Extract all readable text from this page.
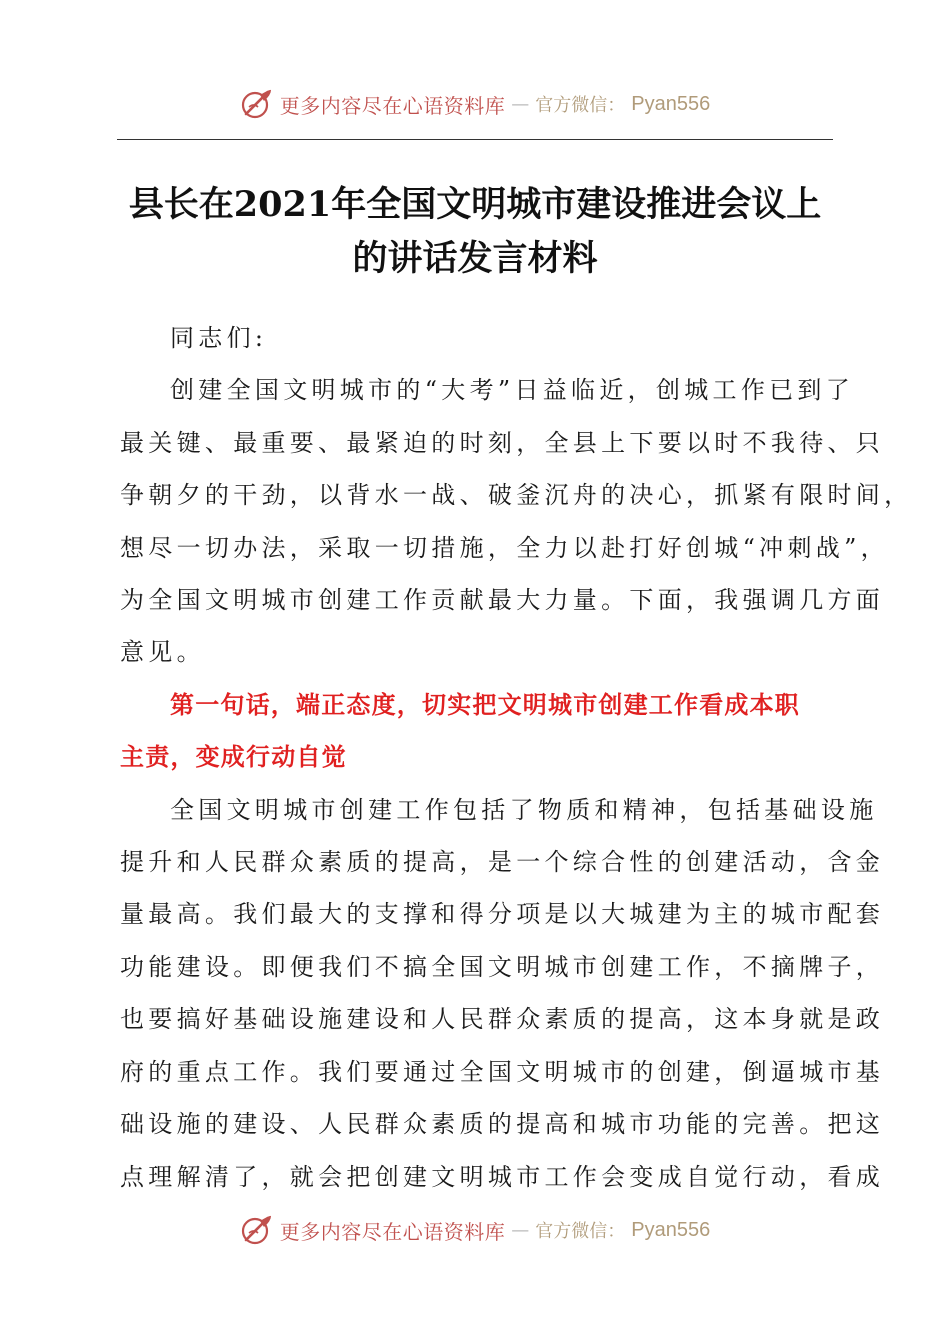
更多内容尽在心语资料库 — 官方微信： Pyan556
县长在2021年全国文明城市建设推进会议上
的讲话发言材料

同志们:

创建全国文明城市的“大考”日益临近，创城工作已到了
最关键、最重要、最紧迫的时刻，全县上下要以时不我待、只
争朝夕的干劲，以背水一战、破釜沉舟的决心，抓紧有限时间，
想尽一切办法，采取一切措施，全力以赴打好创城“冲刺战”，
为全国文明城市创建工作贡献最大力量。下面，我强调几方面
意见。

第一句话，端正态度，切实把文明城市创建工作看成本职
主责，变成行动自觉

全国文明城市创建工作包括了物质和精神，包括基础设施
提升和人民群众素质的提高，是一个综合性的创建活动，含金
量最高。我们最大的支撑和得分项是以大城建为主的城市配套
功能建设。即便我们不搞全国文明城市创建工作，不摘牌子，
也要搞好基础设施建设和人民群众素质的提高，这本身就是政
府的重点工作。我们要通过全国文明城市的创建，倒逼城市基
础设施的建设、人民群众素质的提高和城市功能的完善。把这
点理解清了，就会把创建文明城市工作会变成自觉行动，看成

更多内容尽在心语资料库 — 官方微信： Pyan556
